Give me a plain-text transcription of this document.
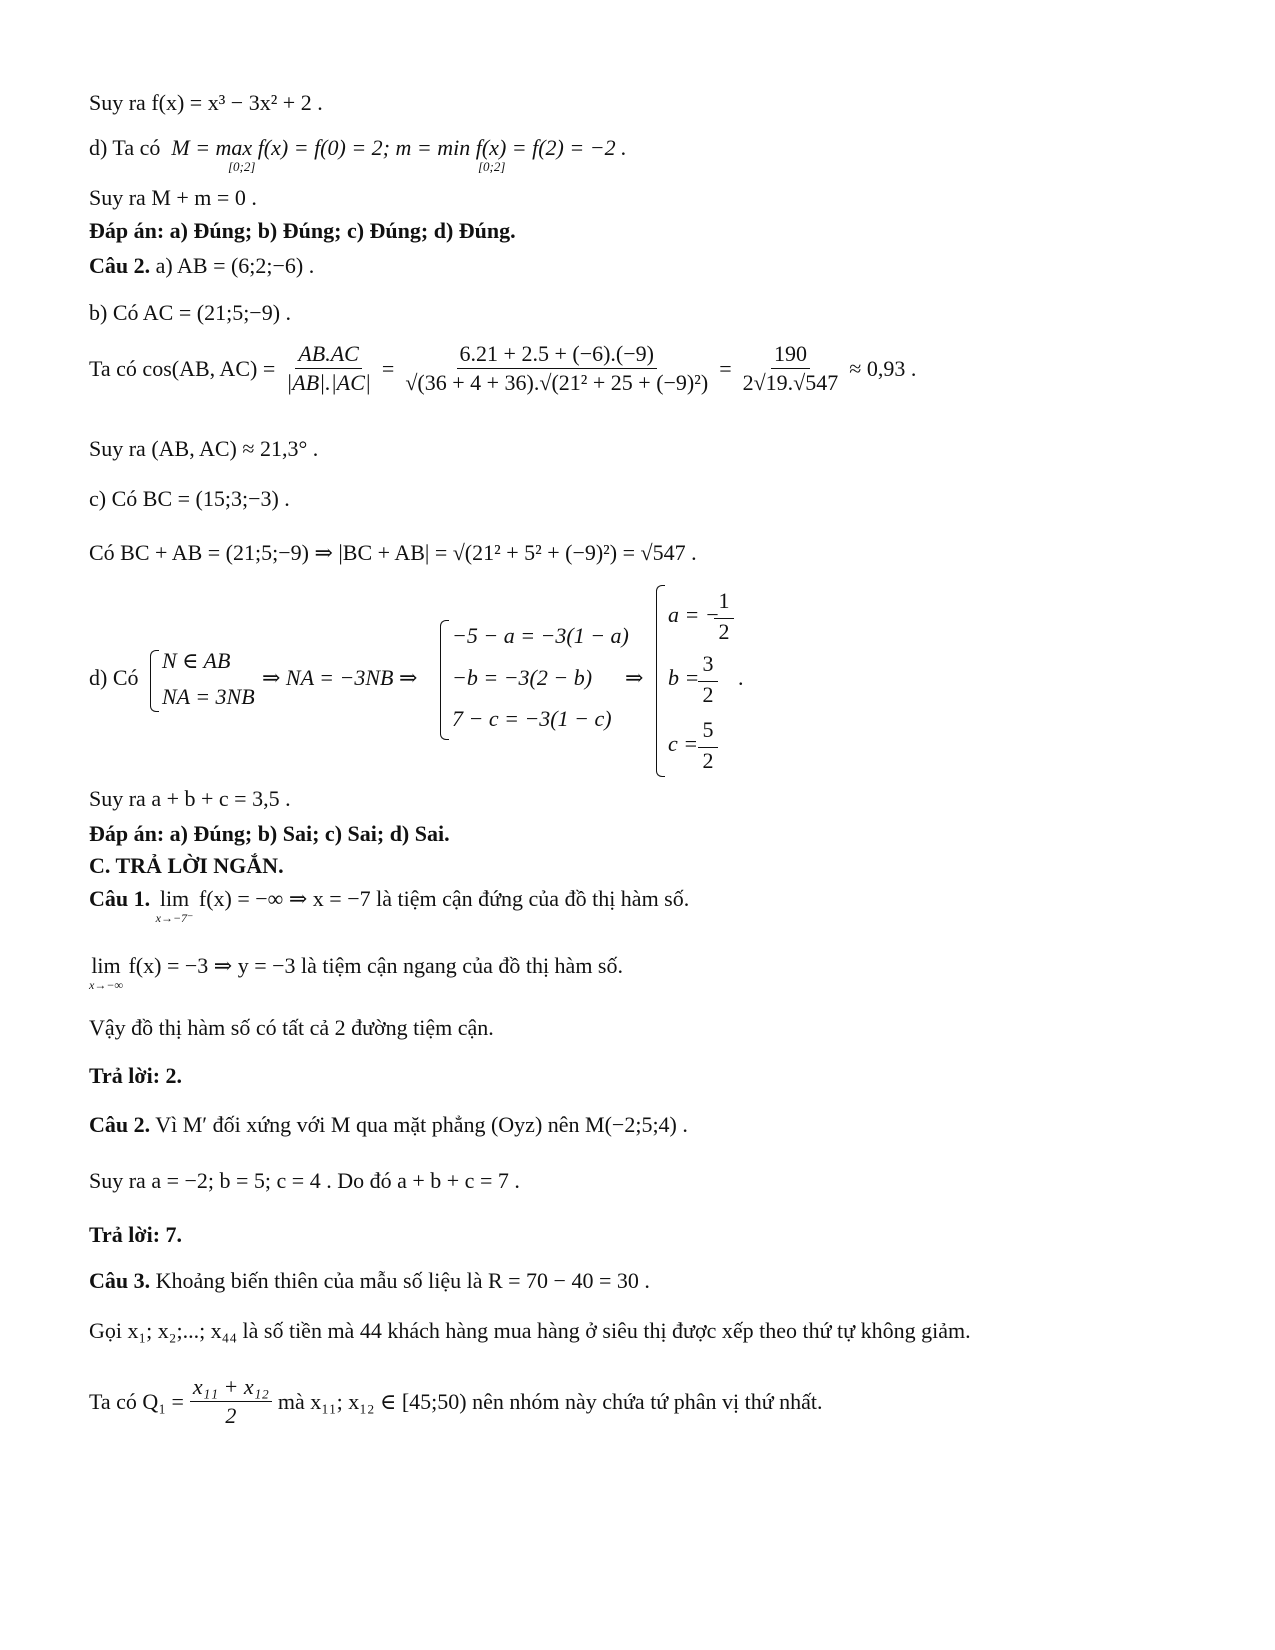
Suy ra f(x) = x³ − 3x² + 2 .
d) Ta có M = max f(x) = f(0) = 2; m = min f(x) = f(2) = −2 .
[0;2]	[0;2]
Suy ra M + m = 0 .
Đáp án: a) Đúng; b) Đúng; c) Đúng; d) Đúng.
Câu 2. a) AB = (6;2;−6) .
b) Có AC = (21;5;−9) .
Ta có cos(AB, $AC) = \frac{AB.AC}{|AB|.|AC|} = \frac{6.21 + 2.5 + (-6).(-9)}{\text{√(36 + 4 + 36).√(21² + 25 + (−9)²)}} = \frac{190}{2√19.√547} \approx 0,93$ .
Suy ra (AB, AC) ≈ 21,3° .
c) Có BC = (15;3;−3) .
Có BC + AB = (21;5;−9) ⇒ |BC + AB| = √(21² + 5² + (−9)²) = √547 .
d) Có
N ∈ AB
NA = 3NB
⇒ NA = −3NB ⇒
−5 − a = −3(1 − a)
−b = −3(2 − b)
7 − c = −3(1 − c)
⇒
a = −
1
2
b =
3
2
c =
5
2
.
Suy ra a + b + c = 3,5 .
Đáp án: a) Đúng; b) Sai; c) Sai; d) Sai.
C. TRẢ LỜI NGẮN.
Câu 1. lim
x→−7⁻
f(x) = −∞ ⇒ x = −7 là tiệm cận đứng của đồ thị hàm số.
lim
x→−∞
f(x) = −3 ⇒ y = −3 là tiệm cận ngang của đồ thị hàm số.
Vậy đồ thị hàm số có tất cả 2 đường tiệm cận.
Trả lời: 2.
Câu 2. Vì M′ đối xứng với M qua mặt phẳng (Oyz) nên M(−2;5;4) .
Suy ra a = −2; b = 5; c = 4 . Do đó a + b + c = 7 .
Trả lời: 7.
Câu 3. Khoảng biến thiên của mẫu số liệu là R = 70 − 40 = 30 .
Gọi x₁; x₂;...; x₄₄ là số tiền mà 44 khách hàng mua hàng ở siêu thị được xếp theo thứ tự không giảm.
Ta có $Q_1 = \frac{\text{x₁₁ + x₁₂}}{2}$ mà x₁₁; x₁₂ ∈ [45;50) nên nhóm này chứa tứ phân vị thứ nhất.
